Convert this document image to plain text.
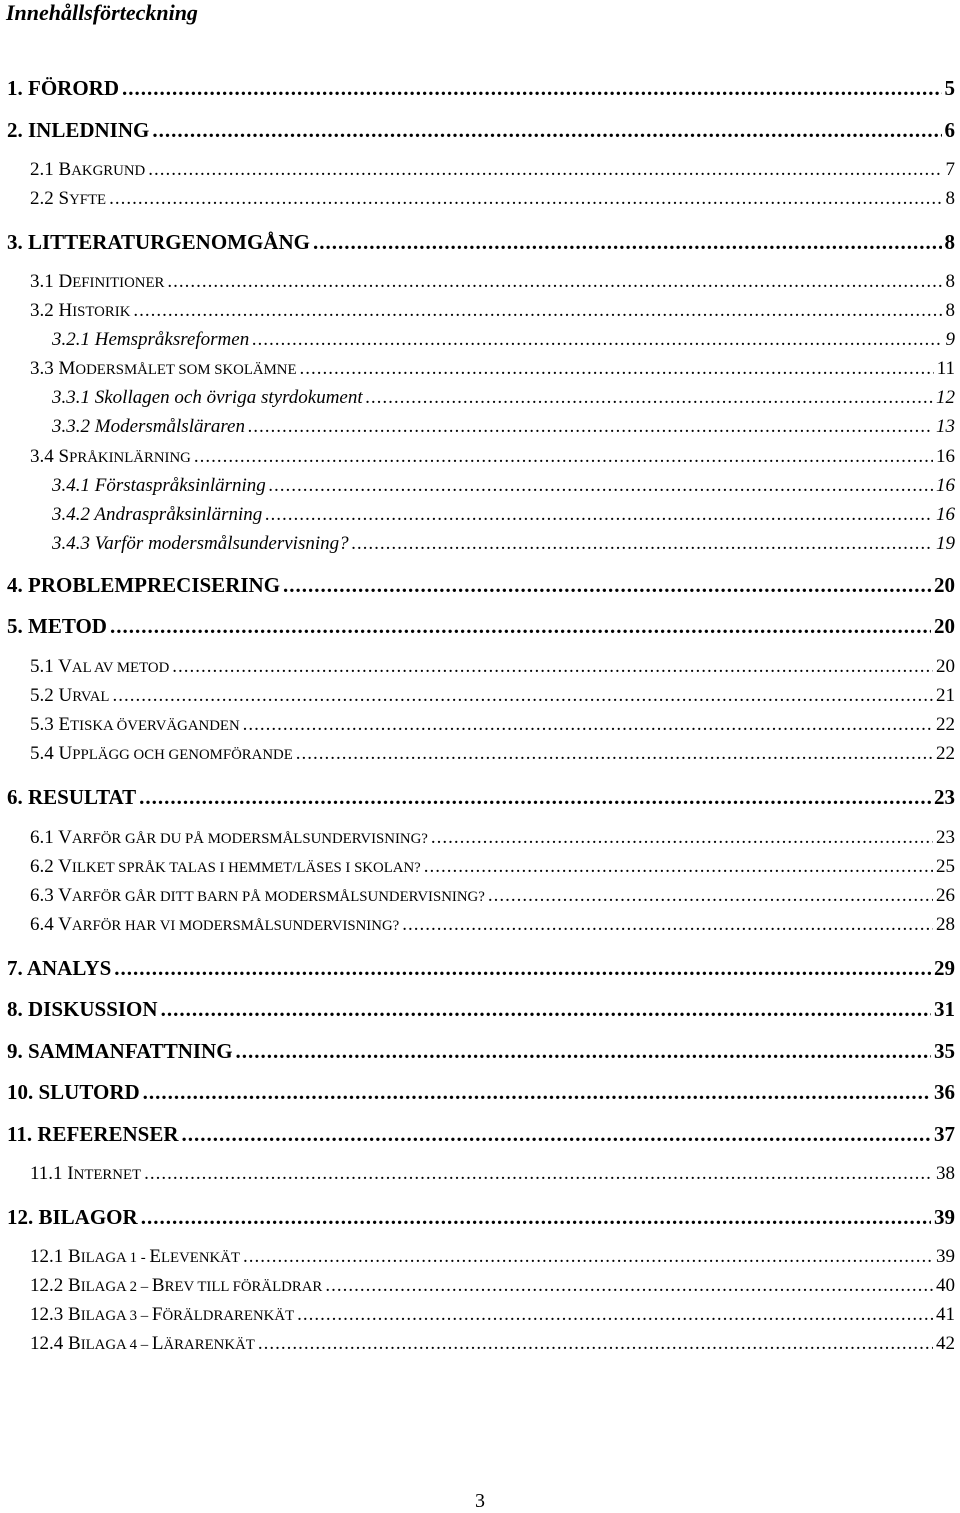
Innehållsförteckning
1. FÖRORD .....	5
2. INLEDNING .....	6
2.1 BAKGRUND .....	7
2.2 SYFTE .....	8
3. LITTERATURGENOMGÅNG .....	8
3.1 DEFINITIONER .....	8
3.2 HISTORIK .....	8
3.2.1 Hemspråksreformen .....	9
3.3 MODERSMÅLET SOM SKOLÄMNE .....	11
3.3.1 Skollagen och övriga styrdokument .....	12
3.3.2 Modersmålsläraren .....	13
3.4 SPRÅKINLÄRNING .....	16
3.4.1 Förstaspråksinlärning .....	16
3.4.2 Andraspråksinlärning .....	16
3.4.3 Varför modersmålsundervisning? .....	19
4. PROBLEMPRECISERING .....	20
5. METOD .....	20
5.1 VAL AV METOD .....	20
5.2 URVAL .....	21
5.3 ETISKA ÖVERVÄGANDEN .....	22
5.4 UPPLÄGG OCH GENOMFÖRANDE .....	22
6. RESULTAT .....	23
6.1 VARFÖR GÅR DU PÅ MODERSMÅLSUNDERVISNING? .....	23
6.2 VILKET SPRÅK TALAS I HEMMET/LÄSES I SKOLAN? .....	25
6.3 VARFÖR GÅR DITT BARN PÅ MODERSMÅLSUNDERVISNING? .....	26
6.4 VARFÖR HAR VI MODERSMÅLSUNDERVISNING? .....	28
7. ANALYS .....	29
8. DISKUSSION .....	31
9. SAMMANFATTNING .....	35
10. SLUTORD .....	36
11. REFERENSER .....	37
11.1 INTERNET .....	38
12. BILAGOR .....	39
12.1 BILAGA 1 - ELEVENKÄT .....	39
12.2 BILAGA 2 – BREV TILL FÖRÄLDRAR .....	40
12.3 BILAGA 3 – FÖRÄLDRARENKÄT .....	41
12.4 BILAGA 4 – LÄRARENKÄT .....	42
3
